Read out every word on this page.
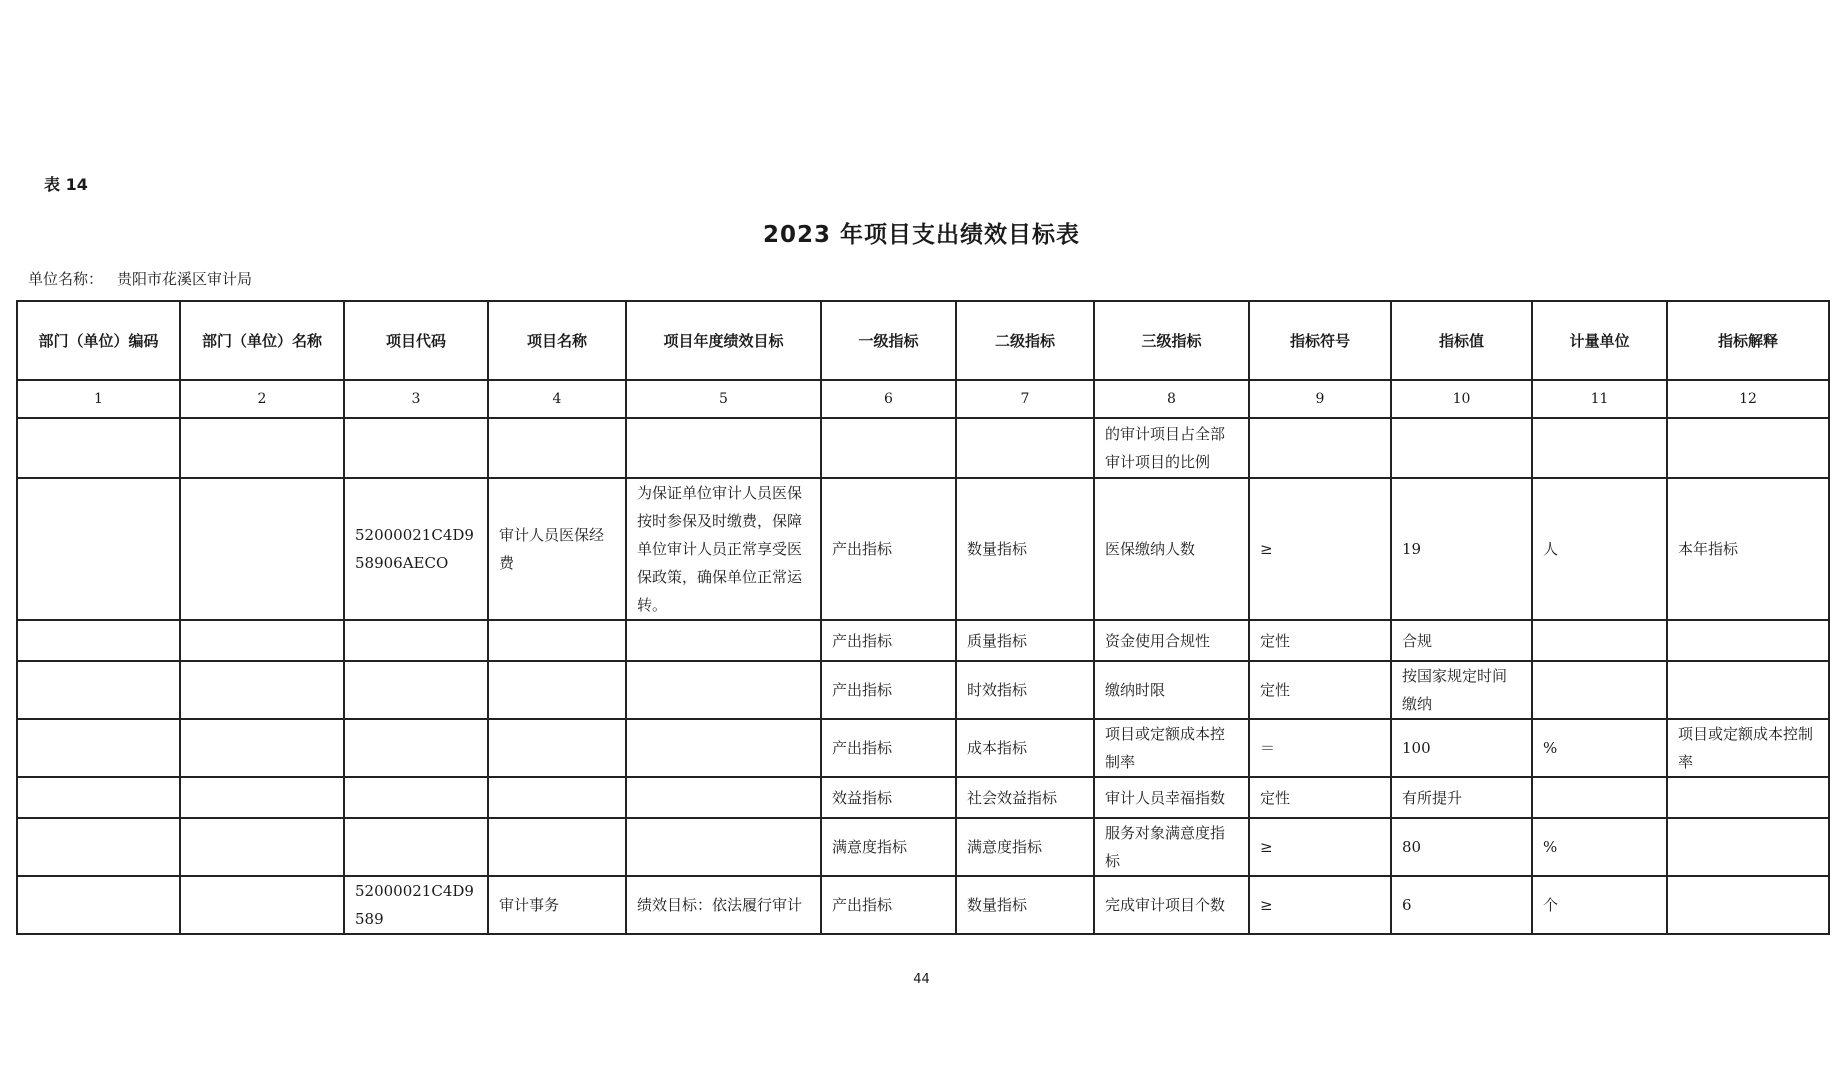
表 14
2023 年项目支出绩效目标表
单位名称： 贵阳市花溪区审计局
部门（单位）编码	部门（单位）名称	项目代码	项目名称	项目年度绩效目标	一级指标	二级指标	三级指标	指标符号	指标值	计量单位	指标解释
1	2	3	4	5	6	7	8	9	10	11	12
							的审计项目占全部审计项目的比例				
		52000021C4D958906AECO	审计人员医保经费	为保证单位审计人员医保按时参保及时缴费，保障单位审计人员正常享受医保政策，确保单位正常运转。	产出指标	数量指标	医保缴纳人数	≥	19	人	本年指标
					产出指标	质量指标	资金使用合规性	定性	合规		
					产出指标	时效指标	缴纳时限	定性	按国家规定时间缴纳		
					产出指标	成本指标	项目或定额成本控制率	＝	100	%	项目或定额成本控制率
					效益指标	社会效益指标	审计人员幸福指数	定性	有所提升		
					满意度指标	满意度指标	服务对象满意度指标	≥	80	%	
		52000021C4D9589	审计事务	绩效目标：依法履行审计	产出指标	数量指标	完成审计项目个数	≥	6	个	
44
